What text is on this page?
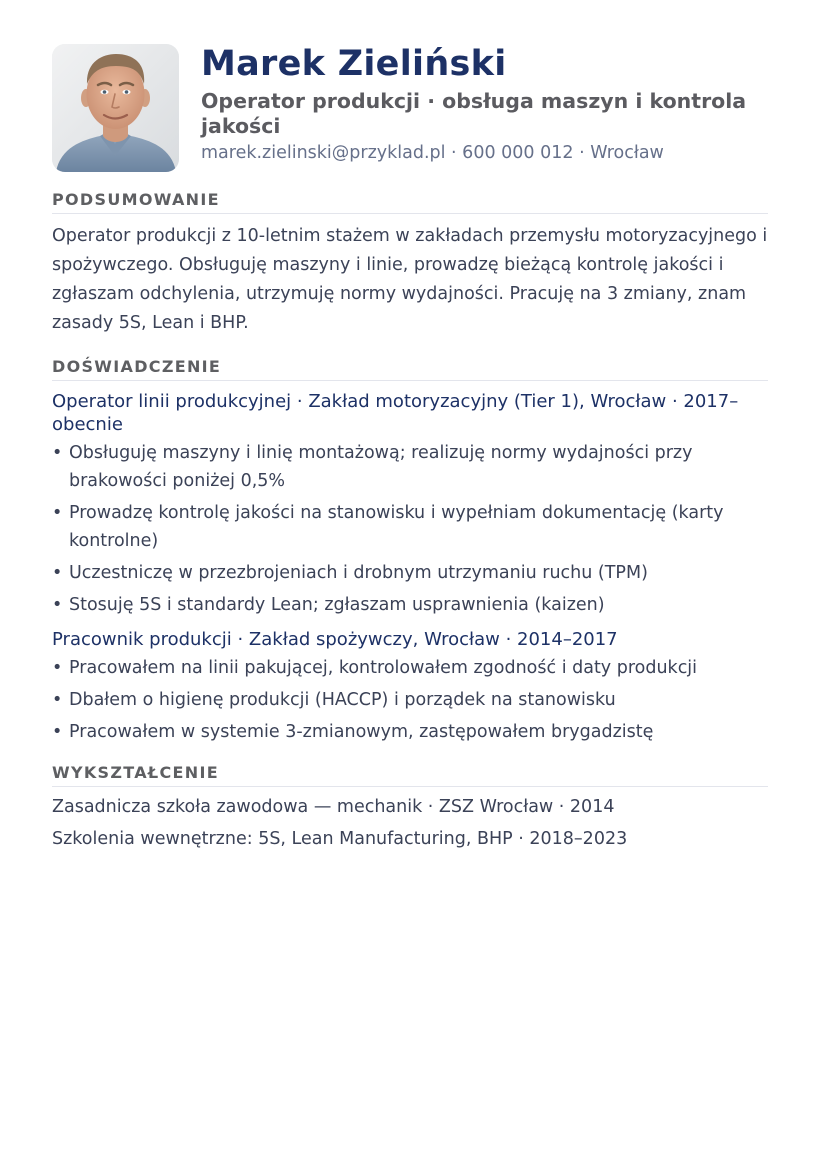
Marek Zieliński
Operator produkcji · obsługa maszyn i kontrola jakości
marek.zielinski@przyklad.pl · 600 000 012 · Wrocław
PODSUMOWANIE

Operator produkcji z 10-letnim stażem w zakładach przemysłu motoryzacyjnego i spożywczego. Obsługuję maszyny i linie, prowadzę bieżącą kontrolę jakości i zgłaszam odchylenia, utrzymuję normy wydajności. Pracuję na 3 zmiany, znam zasady 5S, Lean i BHP.

DOŚWIADCZENIE
Operator linii produkcyjnej · Zakład motoryzacyjny (Tier 1), Wrocław · 2017–obecnie
• Obsługuję maszyny i linię montażową; realizuję normy wydajności przy brakowości poniżej 0,5%
• Prowadzę kontrolę jakości na stanowisku i wypełniam dokumentację (karty kontrolne)
• Uczestniczę w przezbrojeniach i drobnym utrzymaniu ruchu (TPM)
• Stosuję 5S i standardy Lean; zgłaszam usprawnienia (kaizen)
Pracownik produkcji · Zakład spożywczy, Wrocław · 2014–2017
• Pracowałem na linii pakującej, kontrolowałem zgodność i daty produkcji
• Dbałem o higienę produkcji (HACCP) i porządek na stanowisku
• Pracowałem w systemie 3-zmianowym, zastępowałem brygadzistę
WYKSZTAŁCENIE
Zasadnicza szkoła zawodowa — mechanik · ZSZ Wrocław · 2014
Szkolenia wewnętrzne: 5S, Lean Manufacturing, BHP · 2018–2023
